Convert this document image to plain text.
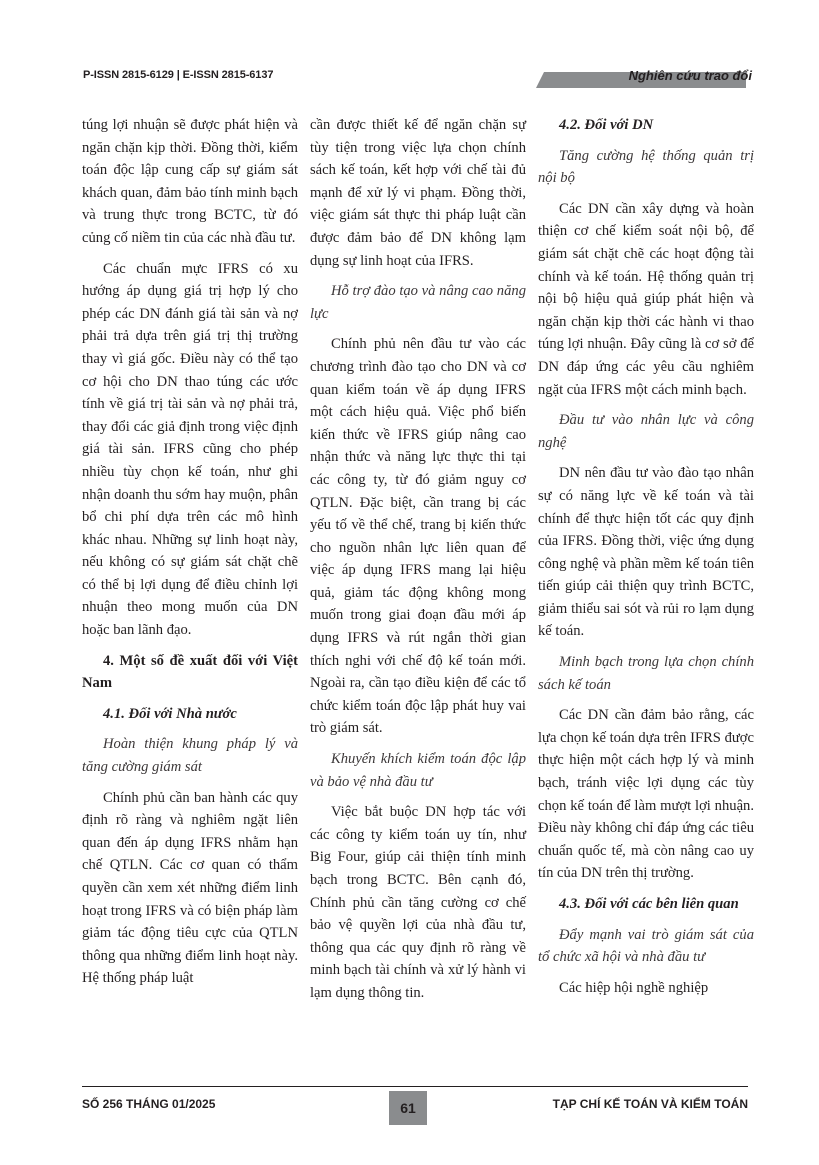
P-ISSN 2815-6129 | E-ISSN 2815-6137	Nghiên cứu trao đổi

túng lợi nhuận sẽ được phát hiện và ngăn chặn kịp thời. Đồng thời, kiểm toán độc lập cung cấp sự giám sát khách quan, đảm bảo tính minh bạch và trung thực trong BCTC, từ đó củng cố niềm tin của các nhà đầu tư.

Các chuẩn mực IFRS có xu hướng áp dụng giá trị hợp lý cho phép các DN đánh giá tài sản và nợ phải trả dựa trên giá trị thị trường thay vì giá gốc. Điều này có thể tạo cơ hội cho DN thao túng các ước tính về giá trị tài sản và nợ phải trả, thay đổi các giả định trong việc định giá tài sản. IFRS cũng cho phép nhiều tùy chọn kế toán, như ghi nhận doanh thu sớm hay muộn, phân bổ chi phí dựa trên các mô hình khác nhau. Những sự linh hoạt này, nếu không có sự giám sát chặt chẽ có thể bị lợi dụng để điều chỉnh lợi nhuận theo mong muốn của DN hoặc ban lãnh đạo.

4. Một số đề xuất đối với Việt Nam

4.1. Đối với Nhà nước

Hoàn thiện khung pháp lý và tăng cường giám sát

Chính phủ cần ban hành các quy định rõ ràng và nghiêm ngặt liên quan đến áp dụng IFRS nhằm hạn chế QTLN. Các cơ quan có thẩm quyền cần xem xét những điểm linh hoạt trong IFRS và có biện pháp làm giảm tác động tiêu cực của QTLN thông qua những điểm linh hoạt này. Hệ thống pháp luật

cần được thiết kế để ngăn chặn sự tùy tiện trong việc lựa chọn chính sách kế toán, kết hợp với chế tài đủ mạnh để xử lý vi phạm. Đồng thời, việc giám sát thực thi pháp luật cần được đảm bảo để DN không lạm dụng sự linh hoạt của IFRS.

Hỗ trợ đào tạo và nâng cao năng lực

Chính phủ nên đầu tư vào các chương trình đào tạo cho DN và cơ quan kiểm toán về áp dụng IFRS một cách hiệu quả. Việc phổ biến kiến thức về IFRS giúp nâng cao nhận thức và năng lực thực thi tại các công ty, từ đó giảm nguy cơ QTLN. Đặc biệt, cần trang bị các yếu tố về thể chế, trang bị kiến thức cho nguồn nhân lực liên quan để việc áp dụng IFRS mang lại hiệu quả, giảm tác động không mong muốn trong giai đoạn đầu mới áp dụng IFRS và rút ngắn thời gian thích nghi với chế độ kế toán mới. Ngoài ra, cần tạo điều kiện để các tổ chức kiểm toán độc lập phát huy vai trò giám sát.

Khuyến khích kiểm toán độc lập và bảo vệ nhà đầu tư

Việc bắt buộc DN hợp tác với các công ty kiểm toán uy tín, như Big Four, giúp cải thiện tính minh bạch trong BCTC. Bên cạnh đó, Chính phủ cần tăng cường cơ chế bảo vệ quyền lợi của nhà đầu tư, thông qua các quy định rõ ràng về minh bạch tài chính và xử lý hành vi lạm dụng thông tin.

4.2. Đối với DN

Tăng cường hệ thống quản trị nội bộ

Các DN cần xây dựng và hoàn thiện cơ chế kiểm soát nội bộ, để giám sát chặt chẽ các hoạt động tài chính và kế toán. Hệ thống quản trị nội bộ hiệu quả giúp phát hiện và ngăn chặn kịp thời các hành vi thao túng lợi nhuận. Đây cũng là cơ sở để DN đáp ứng các yêu cầu nghiêm ngặt của IFRS một cách minh bạch.

Đầu tư vào nhân lực và công nghệ

DN nên đầu tư vào đào tạo nhân sự có năng lực về kế toán và tài chính để thực hiện tốt các quy định của IFRS. Đồng thời, việc ứng dụng công nghệ và phần mềm kế toán tiên tiến giúp cải thiện quy trình BCTC, giảm thiểu sai sót và rủi ro lạm dụng kế toán.

Minh bạch trong lựa chọn chính sách kế toán

Các DN cần đảm bảo rằng, các lựa chọn kế toán dựa trên IFRS được thực hiện một cách hợp lý và minh bạch, tránh việc lợi dụng các tùy chọn kế toán để làm mượt lợi nhuận. Điều này không chỉ đáp ứng các tiêu chuẩn quốc tế, mà còn nâng cao uy tín của DN trên thị trường.

4.3. Đối với các bên liên quan

Đẩy mạnh vai trò giám sát của tổ chức xã hội và nhà đầu tư

Các hiệp hội nghề nghiệp

SỐ 256 THÁNG 01/2025	61	TẠP CHÍ KẾ TOÁN VÀ KIỂM TOÁN
